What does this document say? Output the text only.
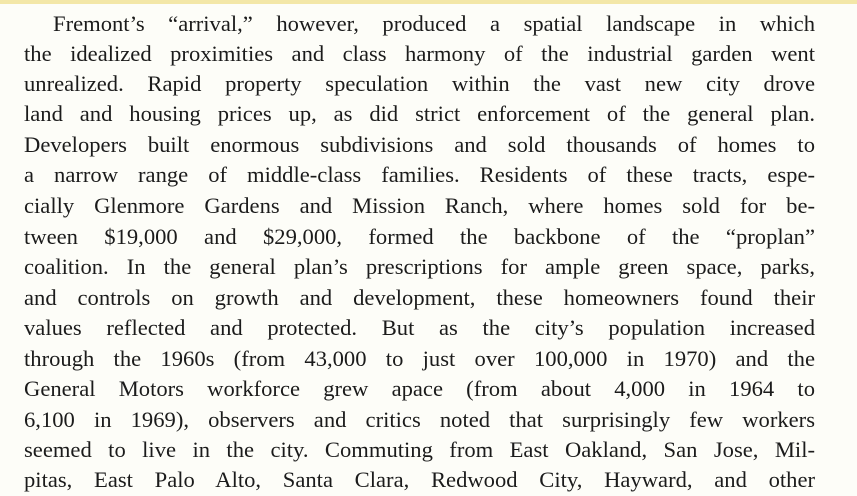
Fremont’s “arrival,” however, produced a spatial landscape in which
the idealized proximities and class harmony of the industrial garden went
unrealized. Rapid property speculation within the vast new city drove
land and housing prices up, as did strict enforcement of the general plan.
Developers built enormous subdivisions and sold thousands of homes to
a narrow range of middle-class families. Residents of these tracts, espe-
cially Glenmore Gardens and Mission Ranch, where homes sold for be-
tween $19,000 and $29,000, formed the backbone of the “proplan”
coalition. In the general plan’s prescriptions for ample green space, parks,
and controls on growth and development, these homeowners found their
values reflected and protected. But as the city’s population increased
through the 1960s (from 43,000 to just over 100,000 in 1970) and the
General Motors workforce grew apace (from about 4,000 in 1964 to
6,100 in 1969), observers and critics noted that surprisingly few workers
seemed to live in the city. Commuting from East Oakland, San Jose, Mil-
pitas, East Palo Alto, Santa Clara, Redwood City, Hayward, and other
